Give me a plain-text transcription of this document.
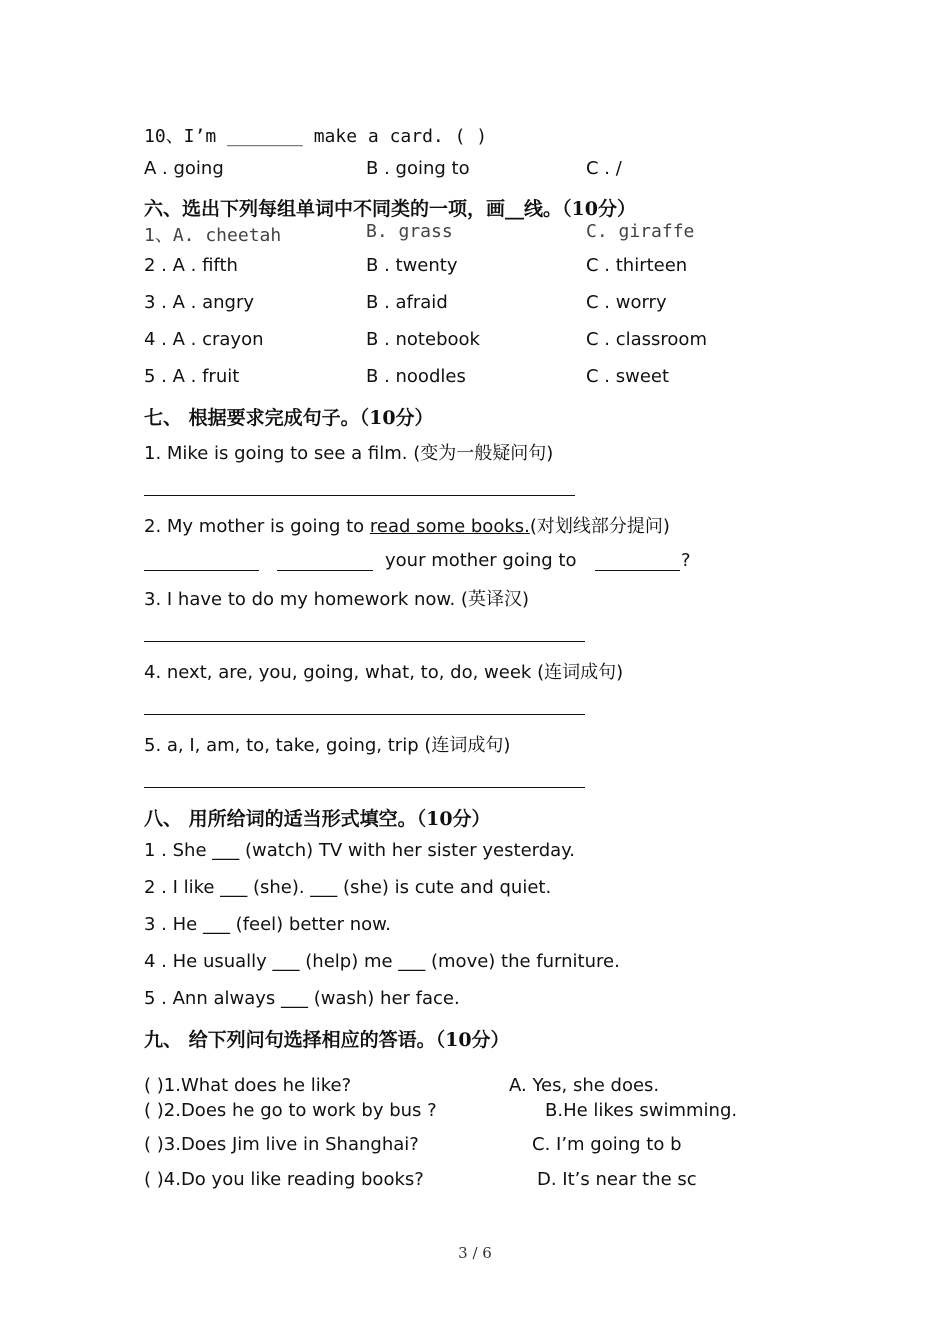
10、I’m _______ make a card. ( )
A . going	B . going to	C . /
六、选出下列每组单词中不同类的一项，画__线。（10分）
1、A. cheetah	B. grass	C. giraffe
2 . A . fifth	B . twenty	C . thirteen
3 . A . angry	B . afraid	C . worry
4 . A . crayon	B . notebook	C . classroom
5 . A . fruit	B . noodles	C . sweet
七、 根据要求完成句子。（10分）
1. Mike is going to see a film. (变为一般疑问句)
2. My mother is going to read some books.(对划线部分提问)
your mother going to	?
3. I have to do my homework now. (英译汉)
4. next, are, you, going, what, to, do, week (连词成句)
5. a, I, am, to, take, going, trip (连词成句)
八、 用所给词的适当形式填空。（10分）
1 . She ___ (watch) TV with her sister yesterday.
2 . I like ___ (she). ___ (she) is cute and quiet.
3 . He ___ (feel) better now.
4 . He usually ___ (help) me ___ (move) the furniture.
5 . Ann always ___ (wash) her face.
九、 给下列问句选择相应的答语。（10分）
( )1.What does he like?	A. Yes, she does.
( )2.Does he go to work by bus ?	B.He likes swimming.
( )3.Does Jim live in Shanghai?	C. I’m going to b
( )4.Do you like reading books?	D. It’s near the sc
3 / 6
